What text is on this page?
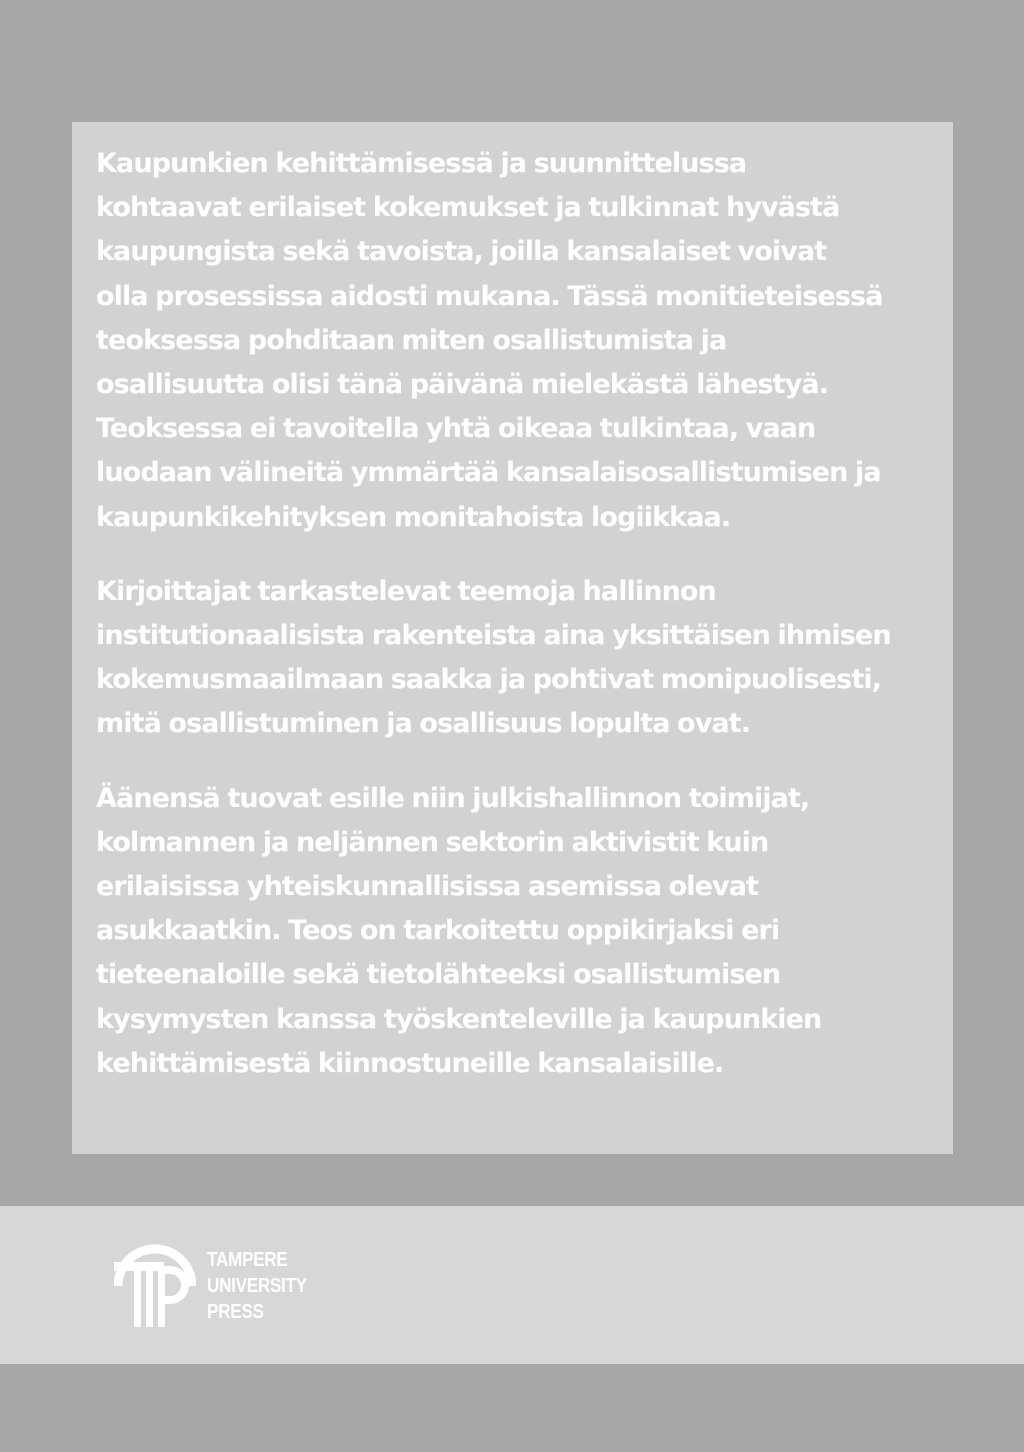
Kaupunkien kehittämisessä ja suunnittelussa
kohtaavat erilaiset kokemukset ja tulkinnat hyvästä
kaupungista sekä tavoista, joilla kansalaiset voivat
olla prosessissa aidosti mukana. Tässä monitieteisessä
teoksessa pohditaan miten osallistumista ja
osallisuutta olisi tänä päivänä mielekästä lähestyä.
Teoksessa ei tavoitella yhtä oikeaa tulkintaa, vaan
luodaan välineitä ymmärtää kansalaisosallistumisen ja
kaupunkikehityksen monitahoista logiikkaa.

Kirjoittajat tarkastelevat teemoja hallinnon
institutionaalisista rakenteista aina yksittäisen ihmisen
kokemusmaailmaan saakka ja pohtivat monipuolisesti,
mitä osallistuminen ja osallisuus lopulta ovat.

Äänensä tuovat esille niin julkishallinnon toimijat,
kolmannen ja neljännen sektorin aktivistit kuin
erilaisissa yhteiskunnallisissa asemissa olevat
asukkaatkin. Teos on tarkoitettu oppikirjaksi eri
tieteenaloille sekä tietolähteeksi osallistumisen
kysymysten kanssa työskenteleville ja kaupunkien
kehittämisestä kiinnostuneille kansalaisille.

TAMPERE
UNIVERSITY
PRESS
